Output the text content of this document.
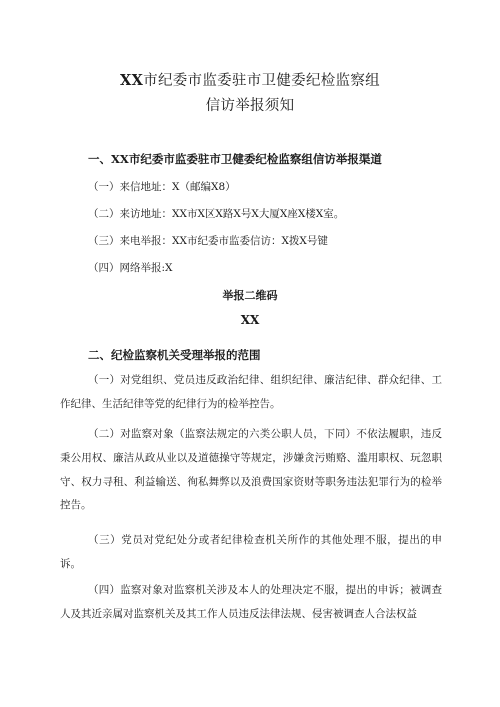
XX市纪委市监委驻市卫健委纪检监察组
信访举报须知

一、XX市纪委市监委驻市卫健委纪检监察组信访举报渠道

（一）来信地址：X（邮编X8）

（二）来访地址：XX市X区X路X号X大厦X座X楼X室。

（三）来电举报：XX市纪委市监委信访：X拨X号键

（四）网络举报:X

举报二维码

XX

二、纪检监察机关受理举报的范围

（一）对党组织、党员违反政治纪律、组织纪律、廉洁纪律、群众纪律、工作纪律、生活纪律等党的纪律行为的检举控告。

（二）对监察对象（监察法规定的六类公职人员，下同）不依法履职，违反秉公用权、廉洁从政从业以及道德操守等规定，涉嫌贪污贿赂、滥用职权、玩忽职守、权力寻租、利益输送、徇私舞弊以及浪费国家资财等职务违法犯罪行为的检举控告。

（三）党员对党纪处分或者纪律检查机关所作的其他处理不服，提出的申诉。

（四）监察对象对监察机关涉及本人的处理决定不服，提出的申诉；被调查人及其近亲属对监察机关及其工作人员违反法律法规、侵害被调查人合法权益
